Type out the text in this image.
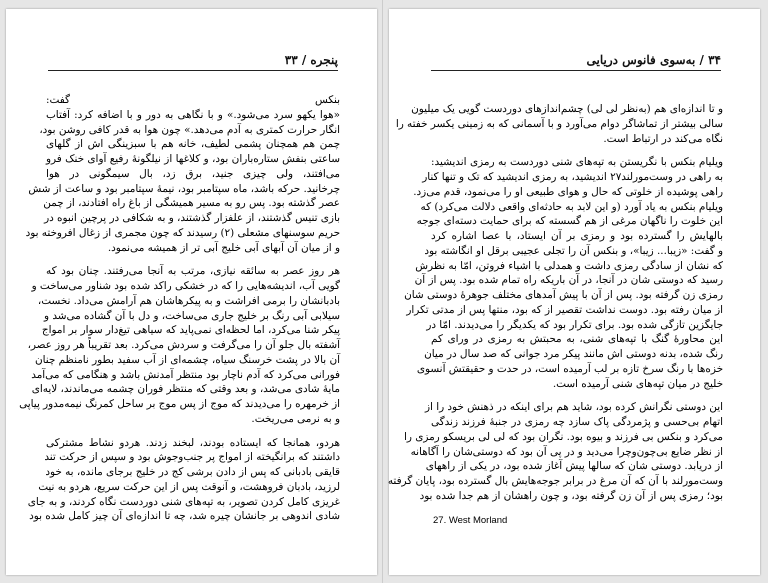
پنجره / ۳۳

بنکس گفت:
«هوا یکهو سرد می‌شود.» و با نگاهی به دور و با اضافه کرد: آفتاب
انگار حرارت کمتری به آدم می‌دهد.» چون هوا به قدر کافی روشن بود،
چمن هم همچنان پشمی لطیف، خانه هم با سبزینگی اش از گلهای
ساعتی بنفش ستاره‌باران بود، و کلاغها از نیلگونهٔ رفیع آوای خنک فرو
می‌افتند، ولی چیزی جنید، برق زد، بال سیمگونی در هوا
چرخانید. حرکه باشد، ماه سپتامبر بود، نیمهٔ سپتامبر بود و ساعت از شش
عصر گذشته بود. پس رو به مسیر همیشگی از باغ راه افتادند، از چمن
بازی تنیس گذشتند، از علفزار گذشتند، و به شکافی در پرچین انبوه در
حریم سوسنهای مشعلی (۲) رسیدند که چون مجمری از زغال افروخته بود
و از میان آن آبهای آبی خلیج آبی تر از همیشه می‌نمود.

هر روز عصر به سائقه نیازی، مرتب به آنجا می‌رفتند. چنان بود که
گویی آب، اندیشه‌هایی را که در خشکی راکد شده بود شناور می‌ساخت و
بادبانشان را برمی افراشت و به پیکرهاشان هم آرامش می‌داد. نخست،
سیلابی آبی رنگ بر خلیج جاری می‌ساخت، و دل با آن گشاده می‌شد و
پیکر شنا می‌کرد، اما لحظه‌ای نمی‌پاید که سیاهی تیغ‌دار سوار بر امواج
آشفته بال جلو آن را می‌گرفت و سردش می‌کرد. بعد تقریباً هر روز عصر،
آن بالا در پشت خرسنگ سیاه، چشمه‌ای از آب سفید بطور نامنظم چنان
فورانی می‌کرد که آدم ناچار بود منتظر آمدنش باشد و هنگامی که می‌آمد
مایهٔ شادی می‌شد، و بعد وقتی که منتظر فوران چشمه می‌ماندند، لایه‌ای
از خرمهره را می‌دیدند که موج از پس موج بر ساحل کمرنگ نیمه‌مدور پیاپی
و به نرمی می‌ریخت.

هردو، همانجا که ایستاده بودند، لبخند زدند. هردو نشاط مشترکی
داشتند که برانگیخته از امواج پر جنب‌وجوش بود و سپس از حرکت تند
قایقی بادبانی که پس از دادن برشی کج در خلیج برجای مانده، به خود
لرزید، بادبان فروهشت، و آنوقت پس از این حرکت سریع، هردو به نیت
غریزی کامل کردن تصویر، به تپه‌های شنی دوردست نگاه کردند، و به جای
شادی اندوهی بر جانشان چیره شد، چه تا اندازه‌ای آن چیز کامل شده بود

۳۴ / به‌سوی فانوس دریایی

و تا اندازه‌ای هم (به‌نظر لی لی) چشم‌اندازهای دوردست گویی یک میلیون
سالی بیشتر از تماشاگر دوام می‌آورد و با آسمانی که به زمینی یکسر خفته را
نگاه می‌کند در ارتباط است.

ویلیام بنکس با نگریستن به تپه‌های شنی دوردست به رمزی اندیشید:
به راهی در وست‌مورلند۲۷ اندیشید، به رمزی اندیشید که تک و تنها کنار
راهی پوشیده از خلوتی که حال و هوای طبیعی او را می‌نمود، قدم می‌زد.
ویلیام بنکس به یاد آورد (و این لابد به حادثه‌ای واقعی دلالت می‌کرد) که
این خلوت را ناگهان مرغی از هم گسسته که برای حمایت دسته‌ای جوجه
بالهایش را گسترده بود و رمزی بر آن ایستاد، با عصا اشاره کرد
و گفت: «زیبا... زیبا»، و بنکس آن را تجلی عجیبی برقل او انگاشته بود
که نشان از سادگی رمزی داشت و همدلی با اشیاء فروتن، امّا به نظرش
رسید که دوستی شان در آنجا، در آن باریکه راه تمام شده بود. پس از آن
رمزی زن گرفته بود. پس از آن با پیش آمدهای مختلف جوهرهٔ دوستی شان
از میان رفته بود. دوست نداشت تقصیر از که بود، منتها پس از مدتی تکرار
جایگزین تازگی شده بود. برای تکرار بود که یکدیگر را می‌دیدند. امّا در
این محاورهٔ گنگ با تپه‌های شنی، به محبتش به رمزی در ورای کم
رنگ شده، بدنه دوستی اش مانند پیکر مرد جوانی که صد سال در میان
خزه‌ها با رنگ سرخ تازه بر لب آرمیده است، در حدت و حقیقتش آنسوی
خلیج در میان تپه‌های شنی آرمیده است.

این دوستی نگرانش کرده بود، شاید هم برای اینکه در ذهنش خود را از
اتهام بی‌حسی و پژمردگی پاک سازد چه رمزی در جنبهٔ فرزند زندگی
می‌کرد و بنکس بی فرزند و بیوه بود. نگران بود که لی لی بریسکو رمزی را
از نظر ضایع بی‌چون‌وچرا می‌دید و در پی آن بود که دوستی‌شان را آگاهانه
از دریابد. دوستی شان که سالها پیش آغاز شده بود، در یکی از راههای
وست‌مورلند با آن که آن مرغ در برابر جوجه‌هایش بال گسترده بود، پایان گرفته
بود؛ رمزی پس از آن زن گرفته بود، و چون راهشان از هم جدا شده بود

27. West Morland
